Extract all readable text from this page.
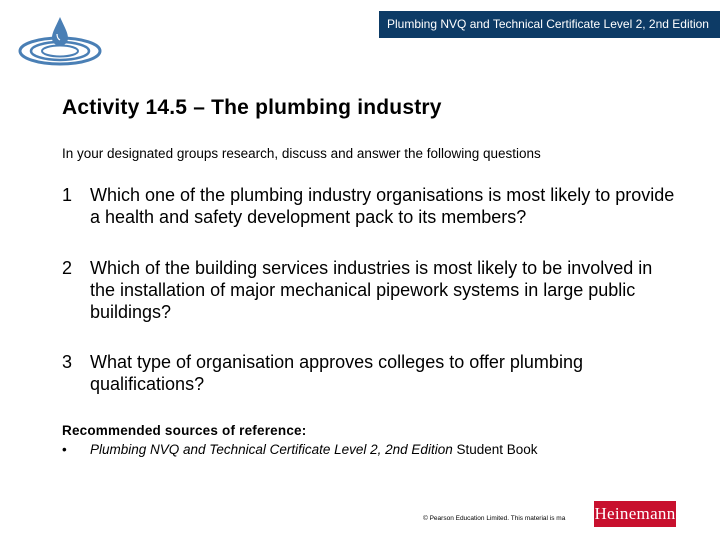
Plumbing NVQ and Technical Certificate Level 2, 2nd Edition
Activity 14.5 – The plumbing industry
In your designated groups research, discuss and answer the following questions
1 Which one of the plumbing industry organisations is most likely to provide a health and safety development pack to its members?
2 Which of the building services industries is most likely to be involved in the installation of major mechanical pipework systems in large public buildings?
3 What type of organisation approves colleges to offer plumbing qualifications?
Recommended sources of reference:
• Plumbing NVQ and Technical Certificate Level 2, 2nd Edition Student Book
© Pearson Education Limited. This material is ma Heinemann
